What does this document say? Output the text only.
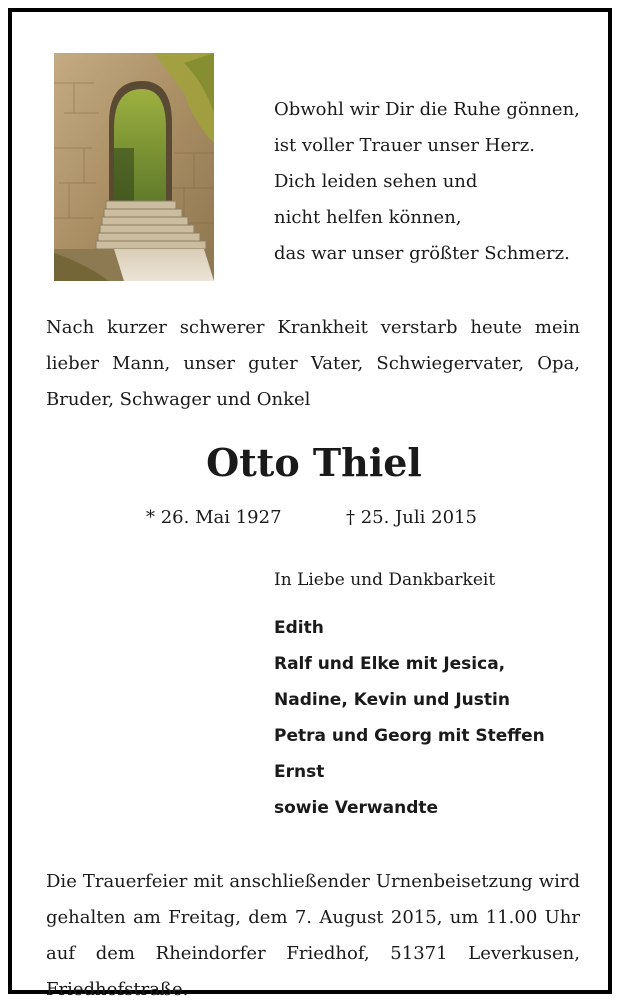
Obwohl wir Dir die Ruhe gönnen,
ist voller Trauer unser Herz.
Dich leiden sehen und
nicht helfen können,
das war unser größter Schmerz.
Nach kurzer schwerer Krankheit verstarb heute mein lieber Mann, unser guter Vater, Schwiegervater, Opa, Bruder, Schwager und Onkel
Otto Thiel
* 26. Mai 1927	† 25. Juli 2015
In Liebe und Dankbarkeit
Edith
Ralf und Elke mit Jesica,
Nadine, Kevin und Justin
Petra und Georg mit Steffen
Ernst
sowie Verwandte
Die Trauerfeier mit anschließender Urnenbeisetzung wird gehalten am Freitag, dem 7. August 2015, um 11.00 Uhr auf dem Rheindorfer Friedhof, 51371 Leverkusen, Friedhofstraße.
